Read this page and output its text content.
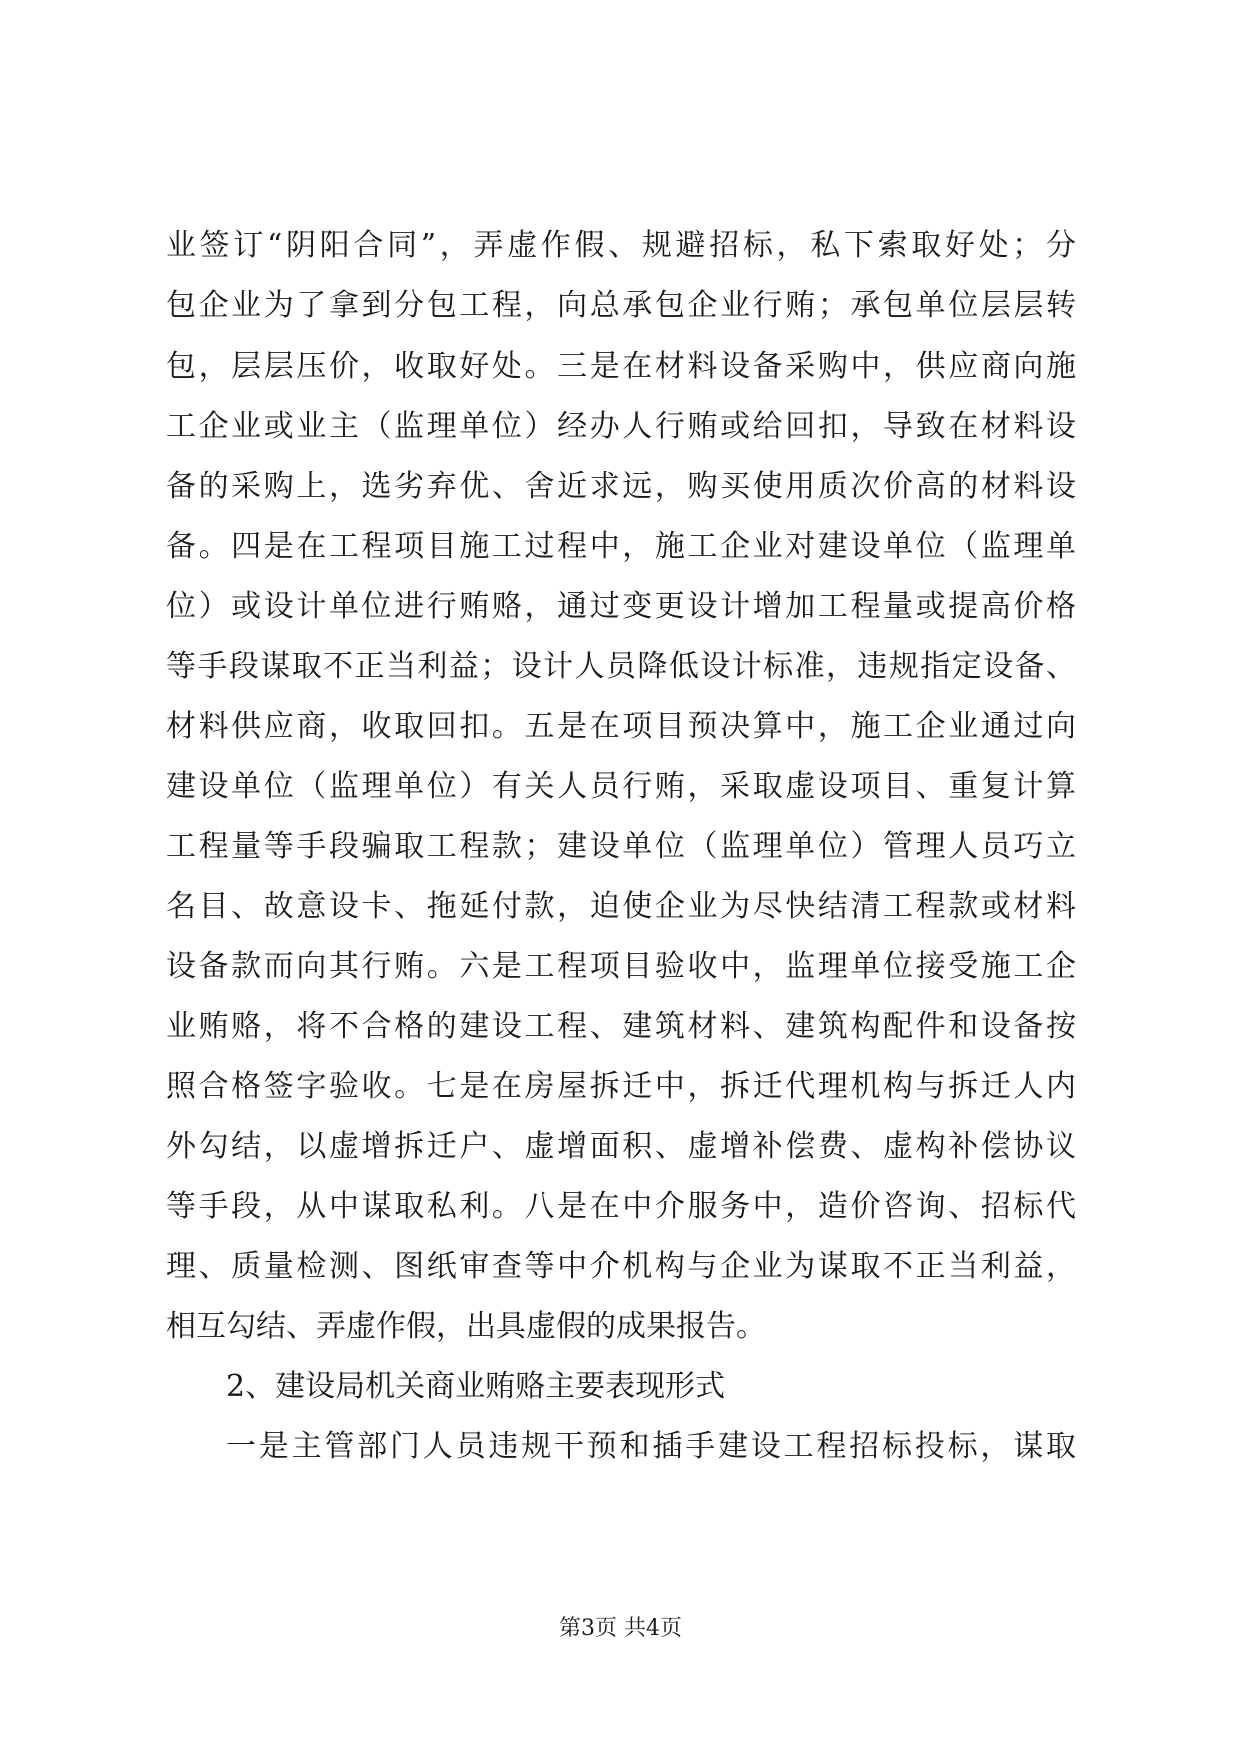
业签订“阴阳合同”，弄虚作假、规避招标，私下索取好处；分
包企业为了拿到分包工程，向总承包企业行贿；承包单位层层转
包，层层压价，收取好处。三是在材料设备采购中，供应商向施
工企业或业主（监理单位）经办人行贿或给回扣，导致在材料设
备的采购上，选劣弃优、舍近求远，购买使用质次价高的材料设
备。四是在工程项目施工过程中，施工企业对建设单位（监理单
位）或设计单位进行贿赂，通过变更设计增加工程量或提高价格
等手段谋取不正当利益；设计人员降低设计标准，违规指定设备、
材料供应商，收取回扣。五是在项目预决算中，施工企业通过向
建设单位（监理单位）有关人员行贿，采取虚设项目、重复计算
工程量等手段骗取工程款；建设单位（监理单位）管理人员巧立
名目、故意设卡、拖延付款，迫使企业为尽快结清工程款或材料
设备款而向其行贿。六是工程项目验收中，监理单位接受施工企
业贿赂，将不合格的建设工程、建筑材料、建筑构配件和设备按
照合格签字验收。七是在房屋拆迁中，拆迁代理机构与拆迁人内
外勾结，以虚增拆迁户、虚增面积、虚增补偿费、虚构补偿协议
等手段，从中谋取私利。八是在中介服务中，造价咨询、招标代
理、质量检测、图纸审查等中介机构与企业为谋取不正当利益，
相互勾结、弄虚作假，出具虚假的成果报告。
2、建设局机关商业贿赂主要表现形式
一是主管部门人员违规干预和插手建设工程招标投标，谋取
第3页 共4页
